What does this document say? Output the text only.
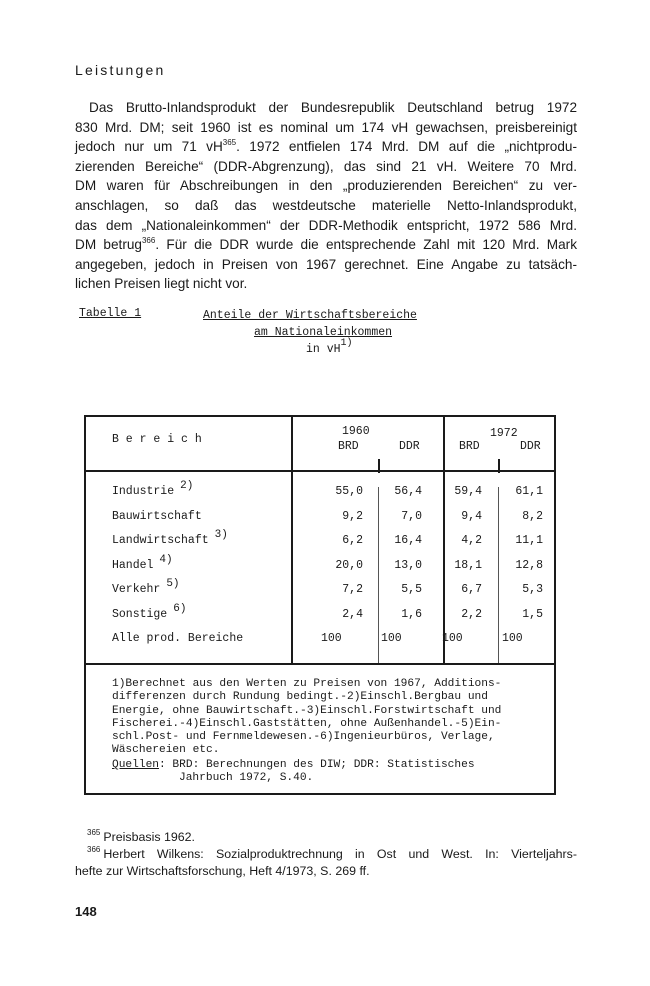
Leistungen

Das Brutto-Inlandsprodukt der Bundesrepublik Deutschland betrug 1972

830 Mrd. DM; seit 1960 ist es nominal um 174 vH gewachsen, preisbereinigt

jedoch nur um 71 $vH^{365}$. 1972 entfielen 174 Mrd. DM auf die „nichtprodu-

zierenden Bereiche“ (DDR-Abgrenzung), das sind 21 vH. Weitere 70 Mrd.

DM waren für Abschreibungen in den „produzierenden Bereichen“ zu ver-

anschlagen, so daß das westdeutsche materielle Netto-Inlandsprodukt,

das dem „Nationaleinkommen“ der DDR-Methodik entspricht, 1972 586 Mrd.

DM betrug$^{366}$. Für die DDR wurde die entsprechende Zahl mit 120 Mrd. Mark

angegeben, jedoch in Preisen von 1967 gerechnet. Eine Angabe zu tatsäch-

lichen Preisen liegt nicht vor.

Tabelle 1	Anteile der Wirtschaftsbereiche
am Nationaleinkommen
in $vH^{1)}$
B e r e i c h
1960	1972
BRD	DDR	BRD	DDR
Industrie $^{2)}$	55,0	56,4	59,4	61,1
Bauwirtschaft	9,2	7,0	9,4	8,2
Landwirtschaft $^{3)}$	6,2	16,4	4,2	11,1
Handel $^{4)}$	20,0	13,0	18,1	12,8
Verkehr $^{5)}$	7,2	5,5	6,7	5,3
Sonstige $^{6)}$	2,4	1,6	2,2	1,5
Alle prod. Bereiche	100	100	100	100
1)Berechnet aus den Werten zu Preisen von 1967, Additions-
differenzen durch Rundung bedingt.-2)Einschl.Bergbau und
Energie, ohne Bauwirtschaft.-3)Einschl.Forstwirtschaft und
Fischerei.-4)Einschl.Gaststätten, ohne Außenhandel.-5)Ein-
schl.Post- und Fernmeldewesen.-6)Ingenieurbüros, Verlage,
Wäschereien etc.
Quellen: BRD: Berechnungen des DIW; DDR: Statistisches
Jahrbuch 1972, S.40.

$^{365}$ Preisbasis 1962.

$^{366}$ Herbert Wilkens: Sozialproduktrechnung in Ost und West. In: Vierteljahrs-

hefte zur Wirtschaftsforschung, Heft 4/1973, S. 269 ff.

148
